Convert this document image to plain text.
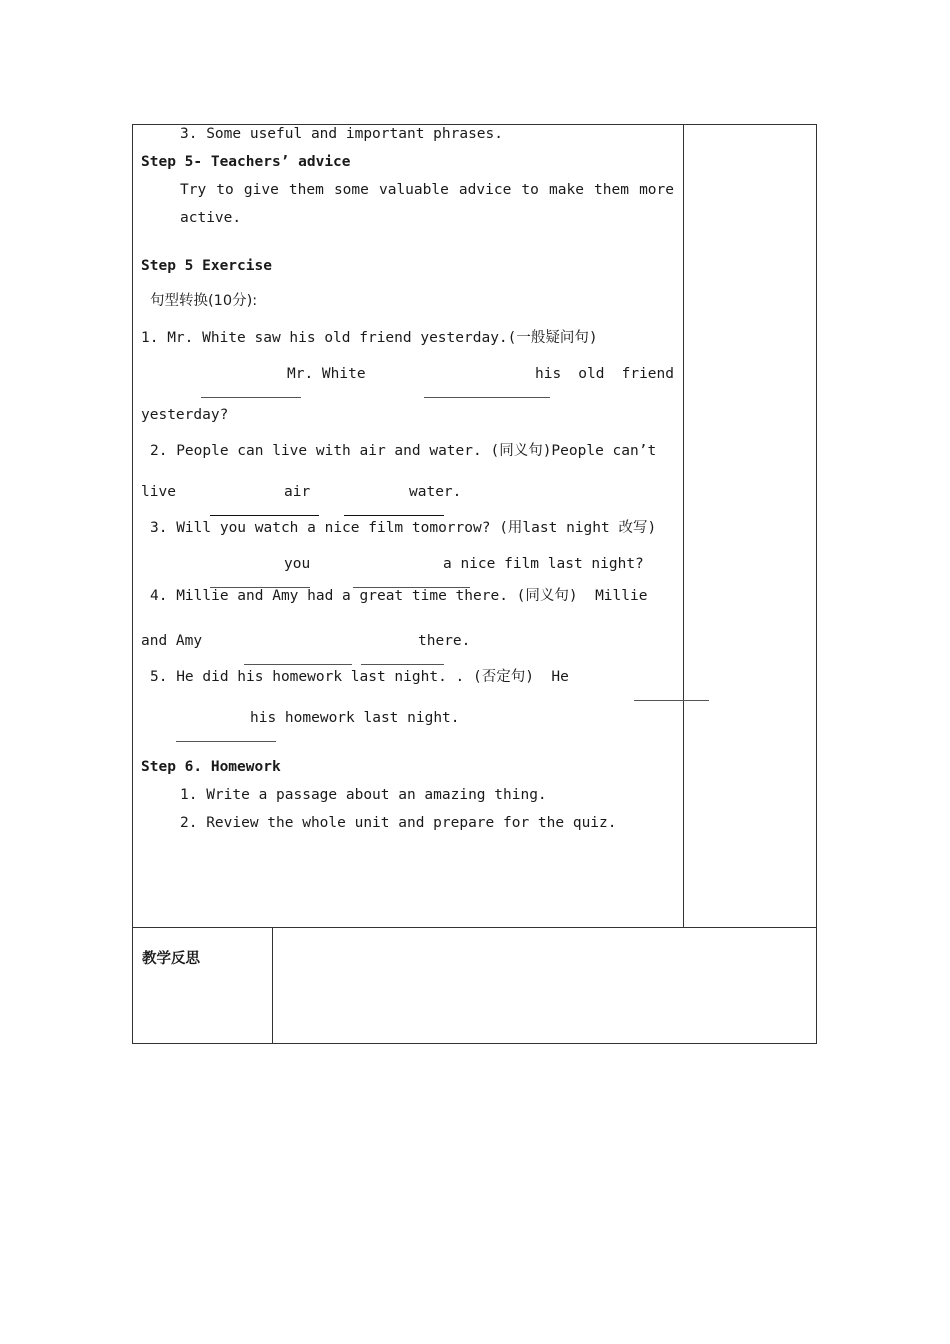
3. Some useful and important phrases.
Step 5- Teachers’ advice
Try to give them some valuable advice to make them more
active.
Step 5 Exercise
句型转换(10分):
1. Mr. White saw his old friend yesterday.(一般疑问句)

Mr. White

	his old friend
yesterday?
2. People can live with air and water. (同义句)People can’t
live

	air

	water.
3. Will you watch a nice film tomorrow? (用last night 改写)

you

	a nice film last night?
4. Millie and Amy had a great time there. (同义句)  Millie
and Amy

	there.
5. He did his homework last night. . (否定句)  He

his homework last night.
Step 6. Homework
1. Write a passage about an amazing thing.
2. Review the whole unit and prepare for the quiz.
教学反思
